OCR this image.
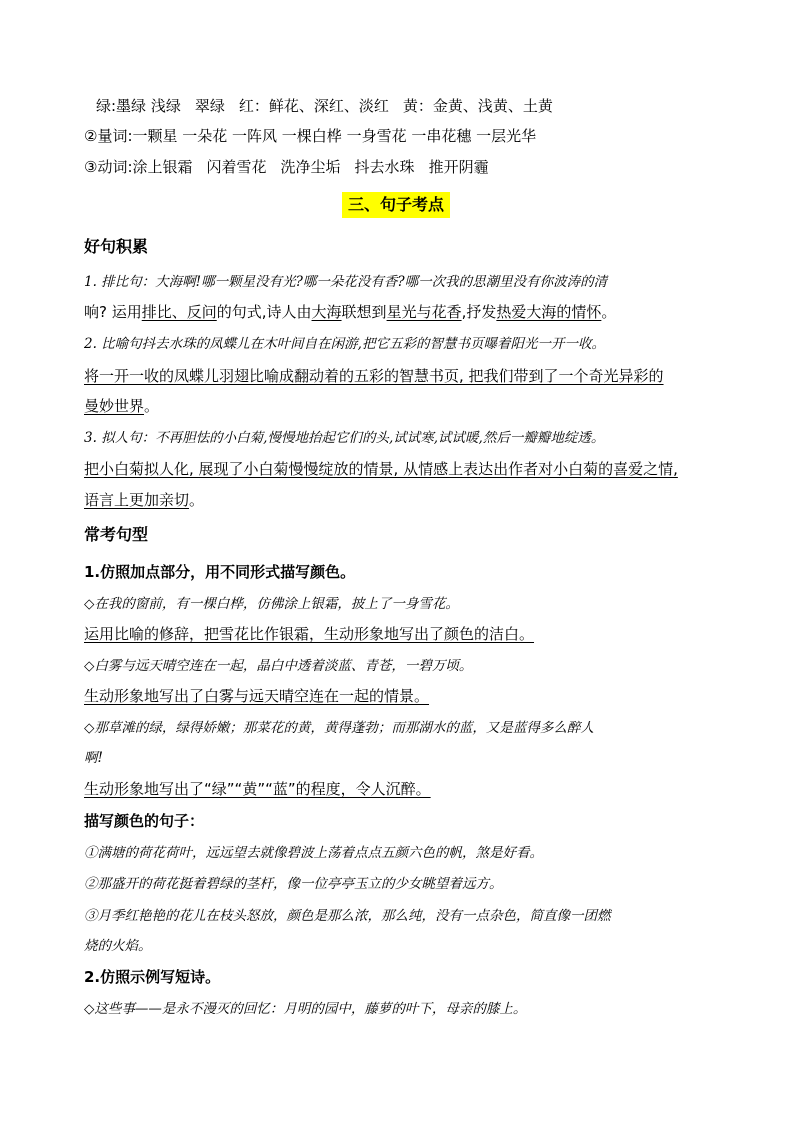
绿:墨绿 浅绿 翠绿 红：鲜花、深红、淡红 黄：金黄、浅黄、土黄
②量词:一颗星 一朵花 一阵风 一棵白桦 一身雪花 一串花穗 一层光华
③动词:涂上银霜 闪着雪花 洗净尘垢 抖去水珠 推开阴霾
三、句子考点
好句积累
1. 排比句：大海啊!哪一颗星没有光?哪一朵花没有香?哪一次我的思潮里没有你波涛的清
响? 运用排比、反问的句式,诗人由大海联想到星光与花香,抒发热爱大海的情怀。
2. 比喻句抖去水珠的凤蝶儿在木叶间自在闲游,把它五彩的智慧书页曝着阳光一开一收。
将一开一收的凤蝶儿羽翅比喻成翻动着的五彩的智慧书页, 把我们带到了一个奇光异彩的
曼妙世界。
3. 拟人句：不再胆怯的小白菊,慢慢地抬起它们的头,试试寒,试试暖,然后一瓣瓣地绽透。
把小白菊拟人化, 展现了小白菊慢慢绽放的情景, 从情感上表达出作者对小白菊的喜爱之情,
语言上更加亲切。
常考句型
1.仿照加点部分，用不同形式描写颜色。
◇在我的窗前，有一棵白桦，仿佛涂上银霜，披上了一身雪花。
运用比喻的修辞，把雪花比作银霜，生动形象地写出了颜色的洁白。
◇白雾与远天晴空连在一起，晶白中透着淡蓝、青苍，一碧万顷。
生动形象地写出了白雾与远天晴空连在一起的情景。
◇那草滩的绿，绿得娇嫩；那菜花的黄，黄得蓬勃；而那湖水的蓝，又是蓝得多么醉人
啊!
生动形象地写出了“绿”“黄”“蓝”的程度，令人沉醉。
描写颜色的句子：
①满塘的荷花荷叶，远远望去就像碧波上荡着点点五颜六色的帆，煞是好看。
②那盛开的荷花挺着碧绿的茎杆，像一位亭亭玉立的少女眺望着远方。
③月季红艳艳的花儿在枝头怒放，颜色是那么浓，那么纯，没有一点杂色，简直像一团燃
烧的火焰。
2.仿照示例写短诗。
◇这些事——是永不漫灭的回忆：月明的园中，藤萝的叶下，母亲的膝上。
